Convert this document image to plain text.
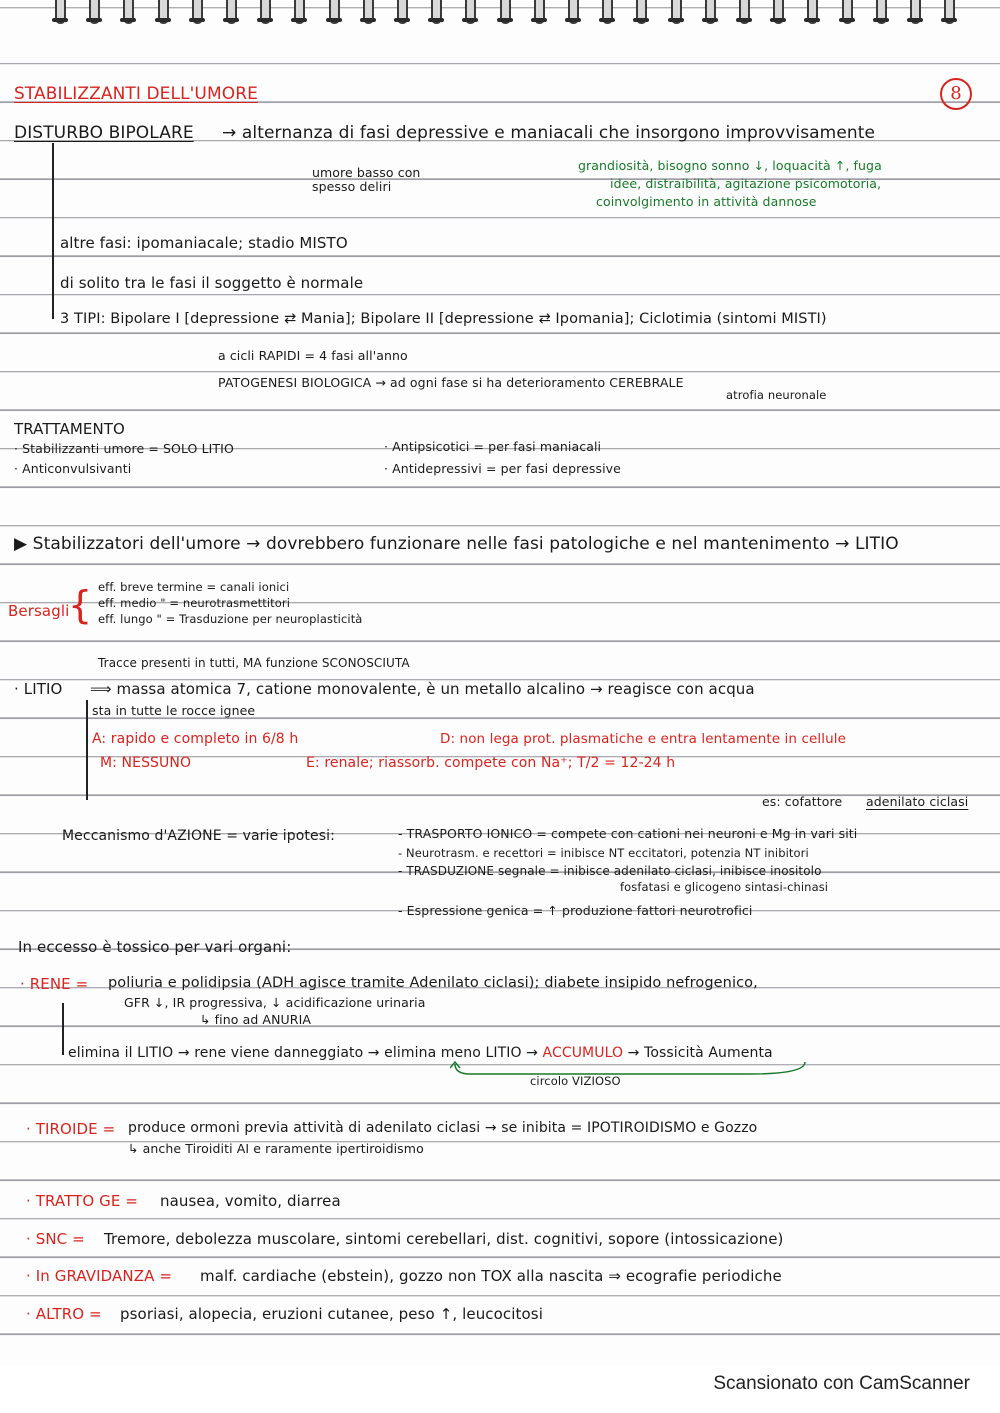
STABILIZZANTI DELL'UMORE	8
DISTURBO BIPOLARE → alternanza di fasi depressive e maniacali che insorgono improvvisamente
umore basso con
spesso deliri
grandiosità, bisogno sonno ↓, loquacità ↑, fuga
idee, distraibilità, agitazione psicomotoria,
coinvolgimento in attività dannose
altre fasi: ipomaniacale; stadio MISTO
di solito tra le fasi il soggetto è normale
3 TIPI: Bipolare I [depressione ⇄ Mania]; Bipolare II [depressione ⇄ Ipomania]; Ciclotimia (sintomi MISTI)
a cicli RAPIDI = 4 fasi all'anno
PATOGENESI BIOLOGICA → ad ogni fase si ha deterioramento CEREBRALE
atrofia neuronale
TRATTAMENTO
· Stabilizzanti umore = SOLO LITIO
· Anticonvulsivanti
· Antipsicotici = per fasi maniacali
· Antidepressivi = per fasi depressive
▶ Stabilizzatori dell'umore → dovrebbero funzionare nelle fasi patologiche e nel mantenimento → LITIO
Bersagli
{ eff. breve termine = canali ionici
eff. medio " = neurotrasmettitori
eff. lungo " = Trasduzione per neuroplasticità
Tracce presenti in tutti, MA funzione SCONOSCIUTA
· LITIO ⟹ massa atomica 7, catione monovalente, è un metallo alcalino → reagisce con acqua
sta in tutte le rocce ignee
A: rapido e completo in 6/8 h	D: non lega prot. plasmatiche e entra lentamente in cellule
M: NESSUNO	E: renale; riassorb. compete con Na⁺; T/2 = 12-24 h
es: cofattore adenilato ciclasi
Meccanismo d'AZIONE = varie ipotesi:	- TRASPORTO IONICO = compete con cationi nei neuroni e Mg in vari siti
- Neurotrasm. e recettori = inibisce NT eccitatori, potenzia NT inibitori
- TRASDUZIONE segnale = inibisce adenilato ciclasi, inibisce inositolo
fosfatasi e glicogeno sintasi-chinasi
- Espressione genica = ↑ produzione fattori neurotrofici
In eccesso è tossico per vari organi:
· RENE = poliuria e polidipsia (ADH agisce tramite Adenilato ciclasi); diabete insipido nefrogenico,
GFR ↓, IR progressiva, ↓ acidificazione urinaria
↳ fino ad ANURIA
elimina il LITIO → rene viene danneggiato → elimina meno LITIO → ACCUMULO → Tossicità Aumenta
circolo VIZIOSO
· TIROIDE = produce ormoni previa attività di adenilato ciclasi → se inibita = IPOTIROIDISMO e Gozzo
↳ anche Tiroiditi AI e raramente ipertiroidismo
· TRATTO GE = nausea, vomito, diarrea
· SNC = Tremore, debolezza muscolare, sintomi cerebellari, dist. cognitivi, sopore (intossicazione)
· In GRAVIDANZA = malf. cardiache (ebstein), gozzo non TOX alla nascita ⇒ ecografie periodiche
· ALTRO = psoriasi, alopecia, eruzioni cutanee, peso ↑, leucocitosi
Scansionato con CamScanner
